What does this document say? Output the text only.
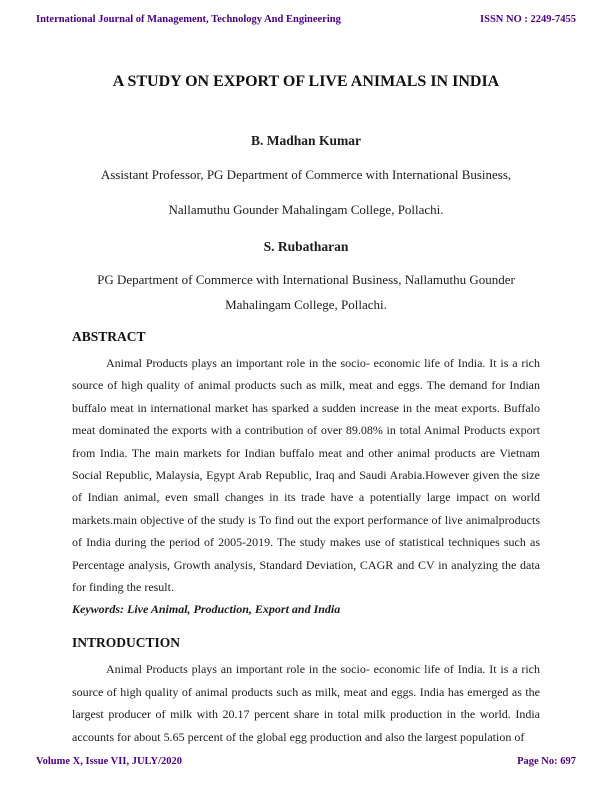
International Journal of Management, Technology And Engineering	ISSN NO : 2249-7455
A STUDY ON EXPORT OF LIVE ANIMALS IN INDIA

B. Madhan Kumar

Assistant Professor, PG Department of Commerce with International Business,

Nallamuthu Gounder Mahalingam College, Pollachi.

S. Rubatharan

PG Department of Commerce with International Business, Nallamuthu Gounder

Mahalingam College, Pollachi.

ABSTRACT

Animal Products plays an important role in the socio- economic life of India. It is a rich source of high quality of animal products such as milk, meat and eggs. The demand for Indian buffalo meat in international market has sparked a sudden increase in the meat exports. Buffalo meat dominated the exports with a contribution of over 89.08% in total Animal Products export from India. The main markets for Indian buffalo meat and other animal products are Vietnam Social Republic, Malaysia, Egypt Arab Republic, Iraq and Saudi Arabia.However given the size of Indian animal, even small changes in its trade have a potentially large impact on world markets.main objective of the study is To find out the export performance of live animalproducts of India during the period of 2005-2019. The study makes use of statistical techniques such as Percentage analysis, Growth analysis, Standard Deviation, CAGR and CV in analyzing the data for finding the result.

Keywords: Live Animal, Production, Export and India

INTRODUCTION

Animal Products plays an important role in the socio- economic life of India. It is a rich source of high quality of animal products such as milk, meat and eggs. India has emerged as the largest producer of milk with 20.17 percent share in total milk production in the world. India accounts for about 5.65 percent of the global egg production and also the largest population of

Volume X, Issue VII, JULY/2020	Page No: 697
